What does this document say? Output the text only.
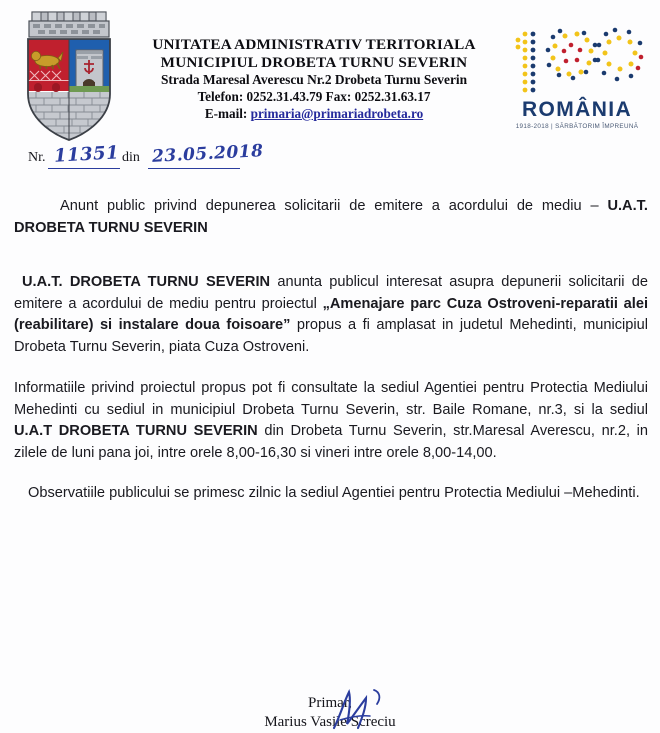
UNITATEA ADMINISTRATIV TERITORIALA
MUNICIPIUL DROBETA TURNU SEVERIN
Strada Maresal Averescu Nr.2 Drobeta Turnu Severin
Telefon: 0252.31.43.79 Fax: 0252.31.63.17
E-mail: primaria@primariadrobeta.ro	ROMÂNIA
1918-2018 | SĂRBĂTORIM ÎMPREUNĂ
Nr. 11351 din 23.05.2018

Anunt public privind depunerea solicitarii de emitere a acordului de mediu – U.A.T. DROBETA TURNU SEVERIN

U.A.T. DROBETA TURNU SEVERIN anunta publicul interesat asupra depunerii solicitarii de emitere a acordului de mediu pentru proiectul „Amenajare parc Cuza Ostroveni-reparatii alei (reabilitare) si instalare doua foisoare” propus a fi amplasat in judetul Mehedinti, municipiul Drobeta Turnu Severin, piata Cuza Ostroveni.

Informatiile privind proiectul propus pot fi consultate la sediul Agentiei pentru Protectia Mediului Mehedinti cu sediul in municipiul Drobeta Turnu Severin, str. Baile Romane, nr.3, si la sediul U.A.T DROBETA TURNU SEVERIN din Drobeta Turnu Severin, str.Maresal Averescu, nr.2, in zilele de luni pana joi, intre orele 8,00-16,30 si vineri intre orele 8,00-14,00.

Observatiile publicului se primesc zilnic la sediul Agentiei pentru Protectia Mediului –Mehedinti.

Primar,
Marius Vasile Screciu
